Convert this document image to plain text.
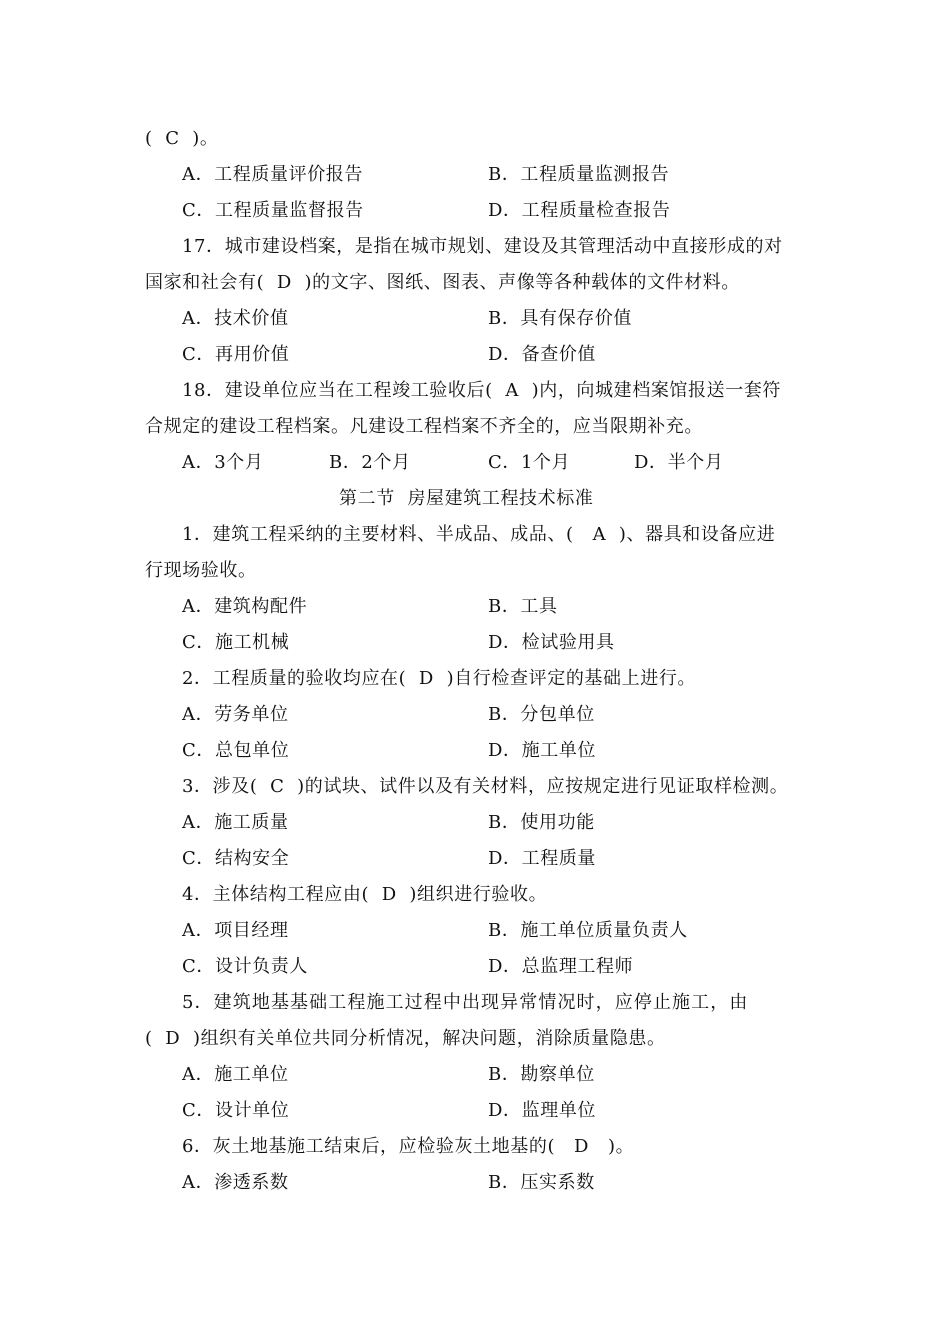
(  C  )。
A．工程质量评价报告	B．工程质量监测报告
C．工程质量监督报告	D．工程质量检查报告
17．城市建设档案，是指在城市规划、建设及其管理活动中直接形成的对
国家和社会有(  D  )的文字、图纸、图表、声像等各种载体的文件材料。
A．技术价值	B．具有保存价值
C．再用价值	D．备查价值
18．建设单位应当在工程竣工验收后(  A  )内，向城建档案馆报送一套符
合规定的建设工程档案。凡建设工程档案不齐全的，应当限期补充。
A．3个月	B．2个月	C．1个月	D．半个月
第二节  房屋建筑工程技术标准
1．建筑工程采纳的主要材料、半成品、成品、(   A  )、器具和设备应进
行现场验收。
A．建筑构配件	B．工具
C．施工机械	D．检试验用具
2．工程质量的验收均应在(  D  )自行检查评定的基础上进行。
A．劳务单位	B．分包单位
C．总包单位	D．施工单位
3．涉及(  C  )的试块、试件以及有关材料，应按规定进行见证取样检测。
A．施工质量	B．使用功能
C．结构安全	D．工程质量
4．主体结构工程应由(  D  )组织进行验收。
A．项目经理	B．施工单位质量负责人
C．设计负责人	D．总监理工程师
5．建筑地基基础工程施工过程中出现异常情况时，应停止施工，由
(  D  )组织有关单位共同分析情况，解决问题，消除质量隐患。
A．施工单位	B．勘察单位
C．设计单位	D．监理单位
6．灰土地基施工结束后，应检验灰土地基的(   D   )。
A．渗透系数	B．压实系数
